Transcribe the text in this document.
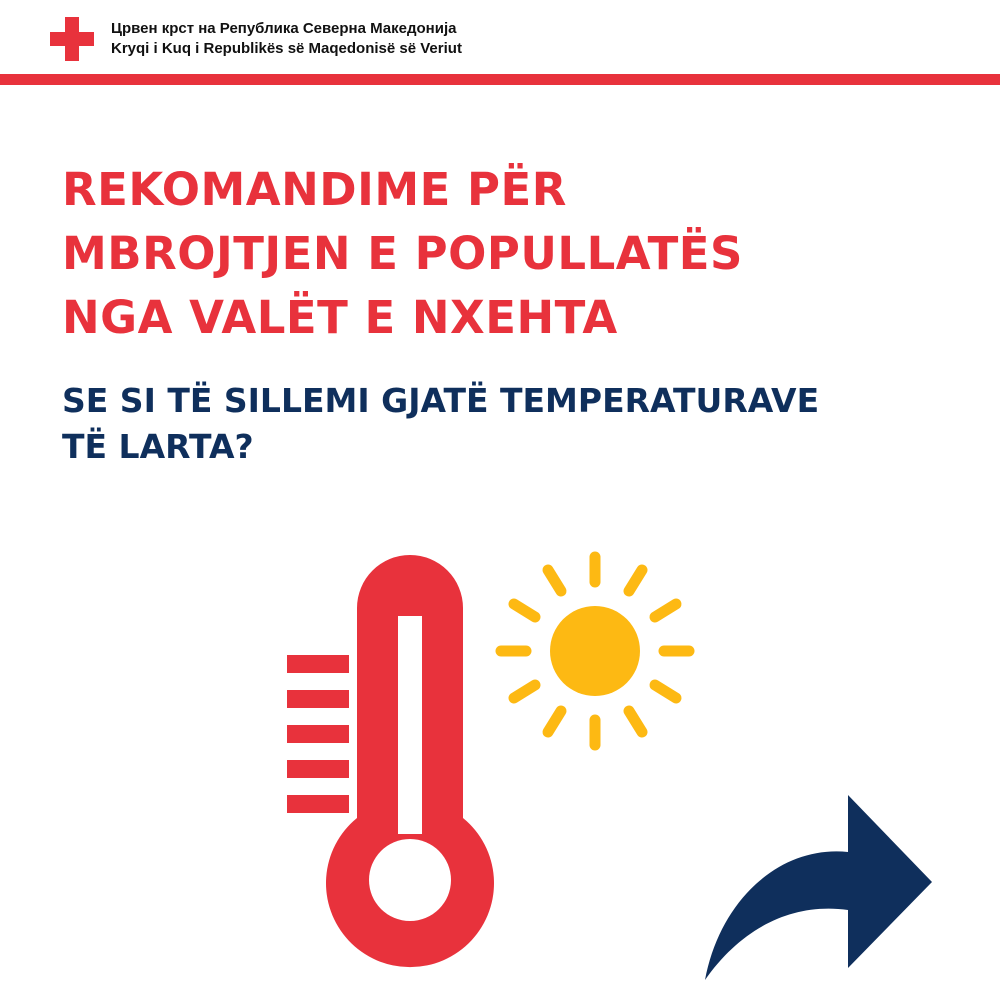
Црвен крст на Република Северна Македонија
Kryqi i Kuq i Republikës së Maqedonisë së Veriut
REKOMANDIME PËR
MBROJTJEN E POPULLATËS
NGA VALËT E NXEHTA
SE SI TË SILLEMI GJATË TEMPERATURAVE
TË LARTA?
